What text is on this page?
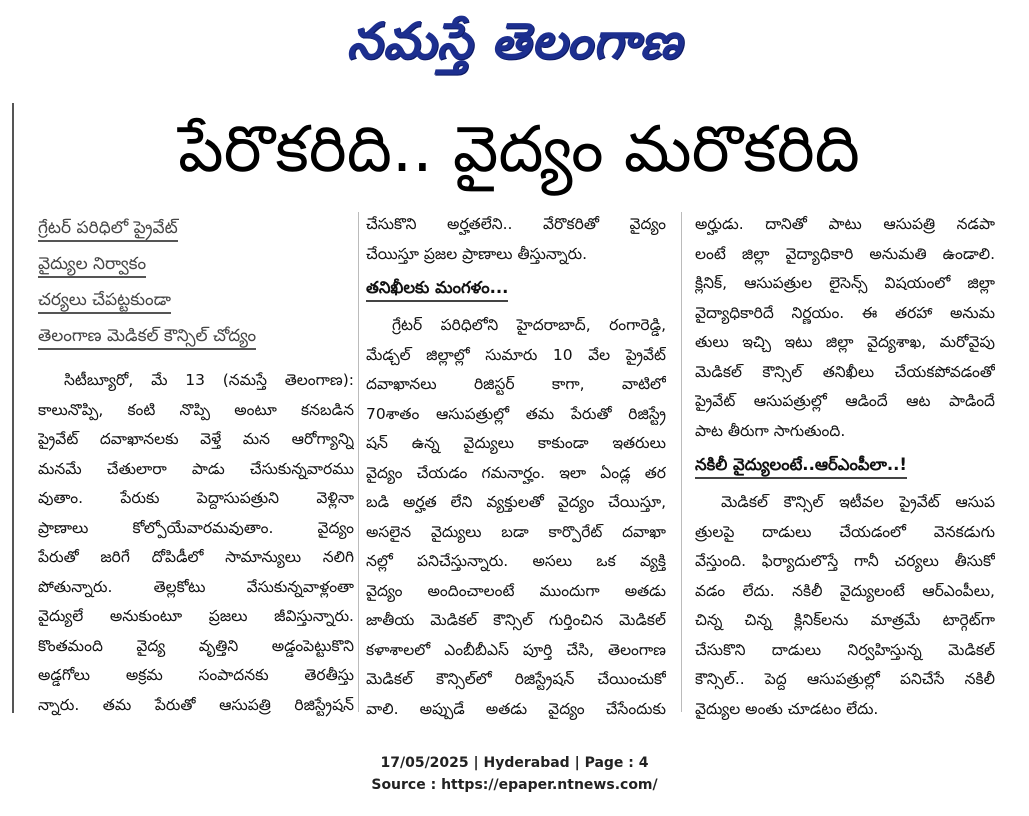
నమస్తే తెలంగాణ
పేరొకరిది.. వైద్యం మరొకరిది
గ్రేటర్ పరిధిలో ప్రైవేట్
వైద్యుల నిర్వాకం
చర్యలు చేపట్టకుండా
తెలంగాణ మెడికల్ కౌన్సిల్ చోద్యం
సిటీబ్యూరో, మే 13 (నమస్తే తెలంగాణ):
కాలునొప్పి, కంటి నొప్పి అంటూ కనబడిన
ప్రైవేట్ దవాఖానలకు వెళ్తే మన ఆరోగ్యాన్ని
మనమే చేతులారా పాడు చేసుకున్నవారము
వుతాం. పేరుకు పెద్దాసుపత్రుని వెళ్లినా
ప్రాణాలు కోల్పోయేవారమవుతాం. వైద్యం
పేరుతో జరిగే దోపిడీలో సామాన్యులు నలిగి
పోతున్నారు. తెల్లకోటు వేసుకున్నవాళ్లంతా
వైద్యులే అనుకుంటూ ప్రజలు జీవిస్తున్నారు.
కొంతమంది వైద్య వృత్తిని అడ్డంపెట్టుకొని
అడ్డగోలు అక్రమ సంపాదనకు తెరతీస్తు
న్నారు. తమ పేరుతో ఆసుపత్రి రిజిస్ట్రేషన్
చేసుకొని అర్హతలేని.. వేరొకరితో వైద్యం
చేయిస్తూ ప్రజల ప్రాణాలు తీస్తున్నారు.
తనిఖీలకు మంగళం...
గ్రేటర్ పరిధిలోని హైదరాబాద్, రంగారెడ్డి,
మేడ్చల్ జిల్లాల్లో సుమారు 10 వేల ప్రైవేట్
దవాఖానలు రిజిస్టర్ కాగా, వాటిలో
70శాతం ఆసుపత్రుల్లో తమ పేరుతో రిజిస్ట్రే
షన్ ఉన్న వైద్యులు కాకుండా ఇతరులు
వైద్యం చేయడం గమనార్హం. ఇలా ఏండ్ల తర
బడి అర్హత లేని వ్యక్తులతో వైద్యం చేయిస్తూ,
అసలైన వైద్యులు బడా కార్పొరేట్ దవాఖా
నల్లో పనిచేస్తున్నారు. అసలు ఒక వ్యక్తి
వైద్యం అందించాలంటే ముందుగా అతడు
జాతీయ మెడికల్ కౌన్సిల్ గుర్తించిన మెడికల్
కళాశాలలో ఎంబీబీఎస్ పూర్తి చేసి, తెలంగాణ
మెడికల్ కౌన్సిల్‌లో రిజిస్ట్రేషన్ చేయించుకో
వాలి. అప్పుడే అతడు వైద్యం చేసేందుకు
అర్హుడు. దానితో పాటు ఆసుపత్రి నడపా
లంటే జిల్లా వైద్యాధికారి అనుమతి ఉండాలి.
క్లినిక్, ఆసుపత్రుల లైసెన్స్ విషయంలో జిల్లా
వైద్యాధికారిదే నిర్ణయం. ఈ తరహా అనుమ
తులు ఇచ్చి ఇటు జిల్లా వైద్యశాఖ, మరోవైపు
మెడికల్ కౌన్సిల్ తనిఖీలు చేయకపోవడంతో
ప్రైవేట్ ఆసుపత్రుల్లో ఆడిందే ఆట పాడిందే
పాట తీరుగా సాగుతుంది.
నకిలీ వైద్యులంటే..ఆర్ఎంపీలా..!
మెడికల్ కౌన్సిల్ ఇటీవల ప్రైవేట్ ఆసుప
త్రులపై దాడులు చేయడంలో వెనకడుగు
వేస్తుంది. ఫిర్యాదులొస్తే గానీ చర్యలు తీసుకో
వడం లేదు. నకిలీ వైద్యులంటే ఆర్ఎంపీలు,
చిన్న చిన్న క్లినిక్‌లను మాత్రమే టార్గెట్‌గా
చేసుకొని దాడులు నిర్వహిస్తున్న మెడికల్
కౌన్సిల్.. పెద్ద ఆసుపత్రుల్లో పనిచేసే నకిలీ
వైద్యుల అంతు చూడటం లేదు.
17/05/2025 | Hyderabad | Page : 4
Source : https://epaper.ntnews.com/
